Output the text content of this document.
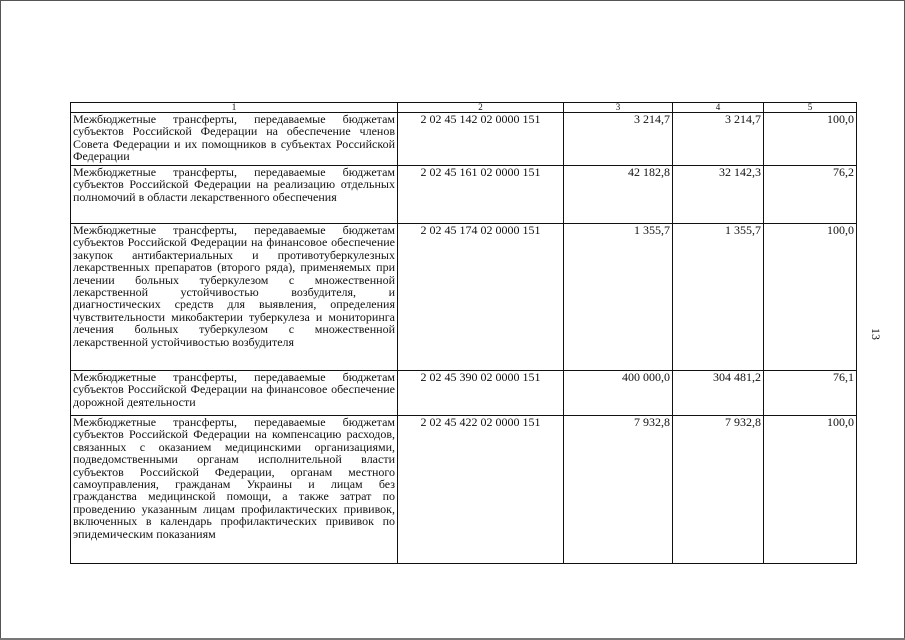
1	2	3	4	5
Межбюджетные трансферты, передаваемые бюджетам субъектов Российской Федерации на обеспечение членов Совета Федерации и их помощников в субъектах Российской Федерации	2 02 45 142 02 0000 151	3 214,7	3 214,7	100,0
Межбюджетные трансферты, передаваемые бюджетам субъектов Российской Федерации на реализацию отдельных полномочий в области лекарственного обеспечения	2 02 45 161 02 0000 151	42 182,8	32 142,3	76,2
Межбюджетные трансферты, передаваемые бюджетам субъектов Российской Федерации на финансовое обеспечение закупок антибактериальных и противотуберкулезных лекарственных препаратов (второго ряда), применяемых при лечении больных туберкулезом с множественной лекарственной устойчивостью возбудителя, и диагностических средств для выявления, определения чувствительности микобактерии туберкулеза и мониторинга лечения больных туберкулезом с множественной лекарственной устойчивостью возбудителя	2 02 45 174 02 0000 151	1 355,7	1 355,7	100,0
Межбюджетные трансферты, передаваемые бюджетам субъектов Российской Федерации на финансовое обеспечение дорожной деятельности	2 02 45 390 02 0000 151	400 000,0	304 481,2	76,1
Межбюджетные трансферты, передаваемые бюджетам субъектов Российской Федерации на компенсацию расходов, связанных с оказанием медицинскими организациями, подведомственными органам исполнительной власти субъектов Российской Федерации, органам местного самоуправления, гражданам Украины и лицам без гражданства медицинской помощи, а также затрат по проведению указанным лицам профилактических прививок, включенных в календарь профилактических прививок по эпидемическим показаниям	2 02 45 422 02 0000 151	7 932,8	7 932,8	100,0
13
